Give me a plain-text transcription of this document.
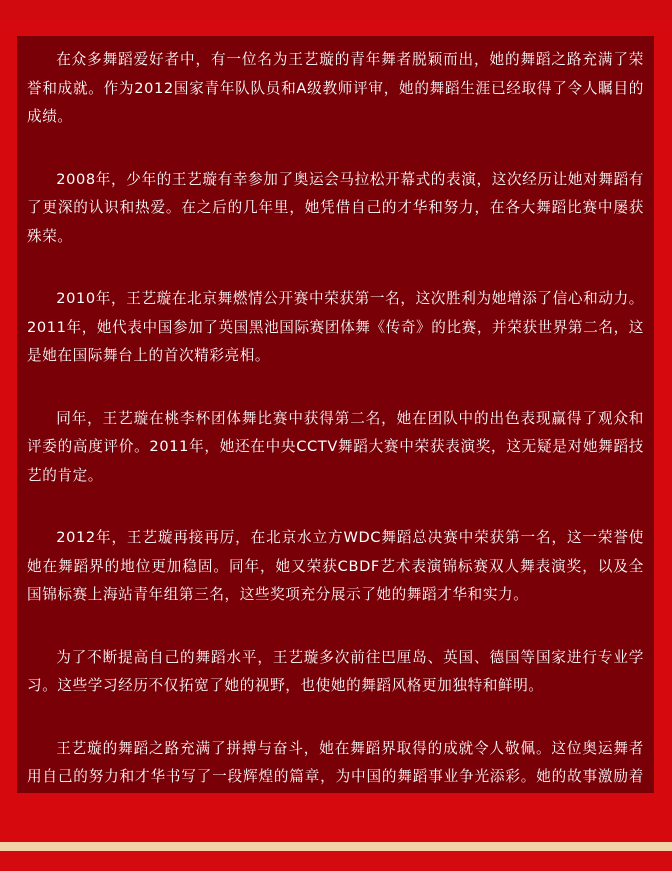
在众多舞蹈爱好者中，有一位名为王艺璇的青年舞者脱颖而出，她的舞蹈之路充满了荣誉和成就。作为2012国家青年队队员和A级教师评审，她的舞蹈生涯已经取得了令人瞩目的成绩。

2008年，少年的王艺璇有幸参加了奥运会马拉松开幕式的表演，这次经历让她对舞蹈有了更深的认识和热爱。在之后的几年里，她凭借自己的才华和努力，在各大舞蹈比赛中屡获殊荣。

2010年，王艺璇在北京舞燃情公开赛中荣获第一名，这次胜利为她增添了信心和动力。2011年，她代表中国参加了英国黑池国际赛团体舞《传奇》的比赛，并荣获世界第二名，这是她在国际舞台上的首次精彩亮相。

同年，王艺璇在桃李杯团体舞比赛中获得第二名，她在团队中的出色表现赢得了观众和评委的高度评价。2011年，她还在中央CCTV舞蹈大赛中荣获表演奖，这无疑是对她舞蹈技艺的肯定。

2012年，王艺璇再接再厉，在北京水立方WDC舞蹈总决赛中荣获第一名，这一荣誉使她在舞蹈界的地位更加稳固。同年，她又荣获CBDF艺术表演锦标赛双人舞表演奖，以及全国锦标赛上海站青年组第三名，这些奖项充分展示了她的舞蹈才华和实力。

为了不断提高自己的舞蹈水平，王艺璇多次前往巴厘岛、英国、德国等国家进行专业学习。这些学习经历不仅拓宽了她的视野，也使她的舞蹈风格更加独特和鲜明。

王艺璇的舞蹈之路充满了拼搏与奋斗，她在舞蹈界取得的成就令人敬佩。这位奥运舞者用自己的努力和才华书写了一段辉煌的篇章，为中国的舞蹈事业争光添彩。她的故事激励着
